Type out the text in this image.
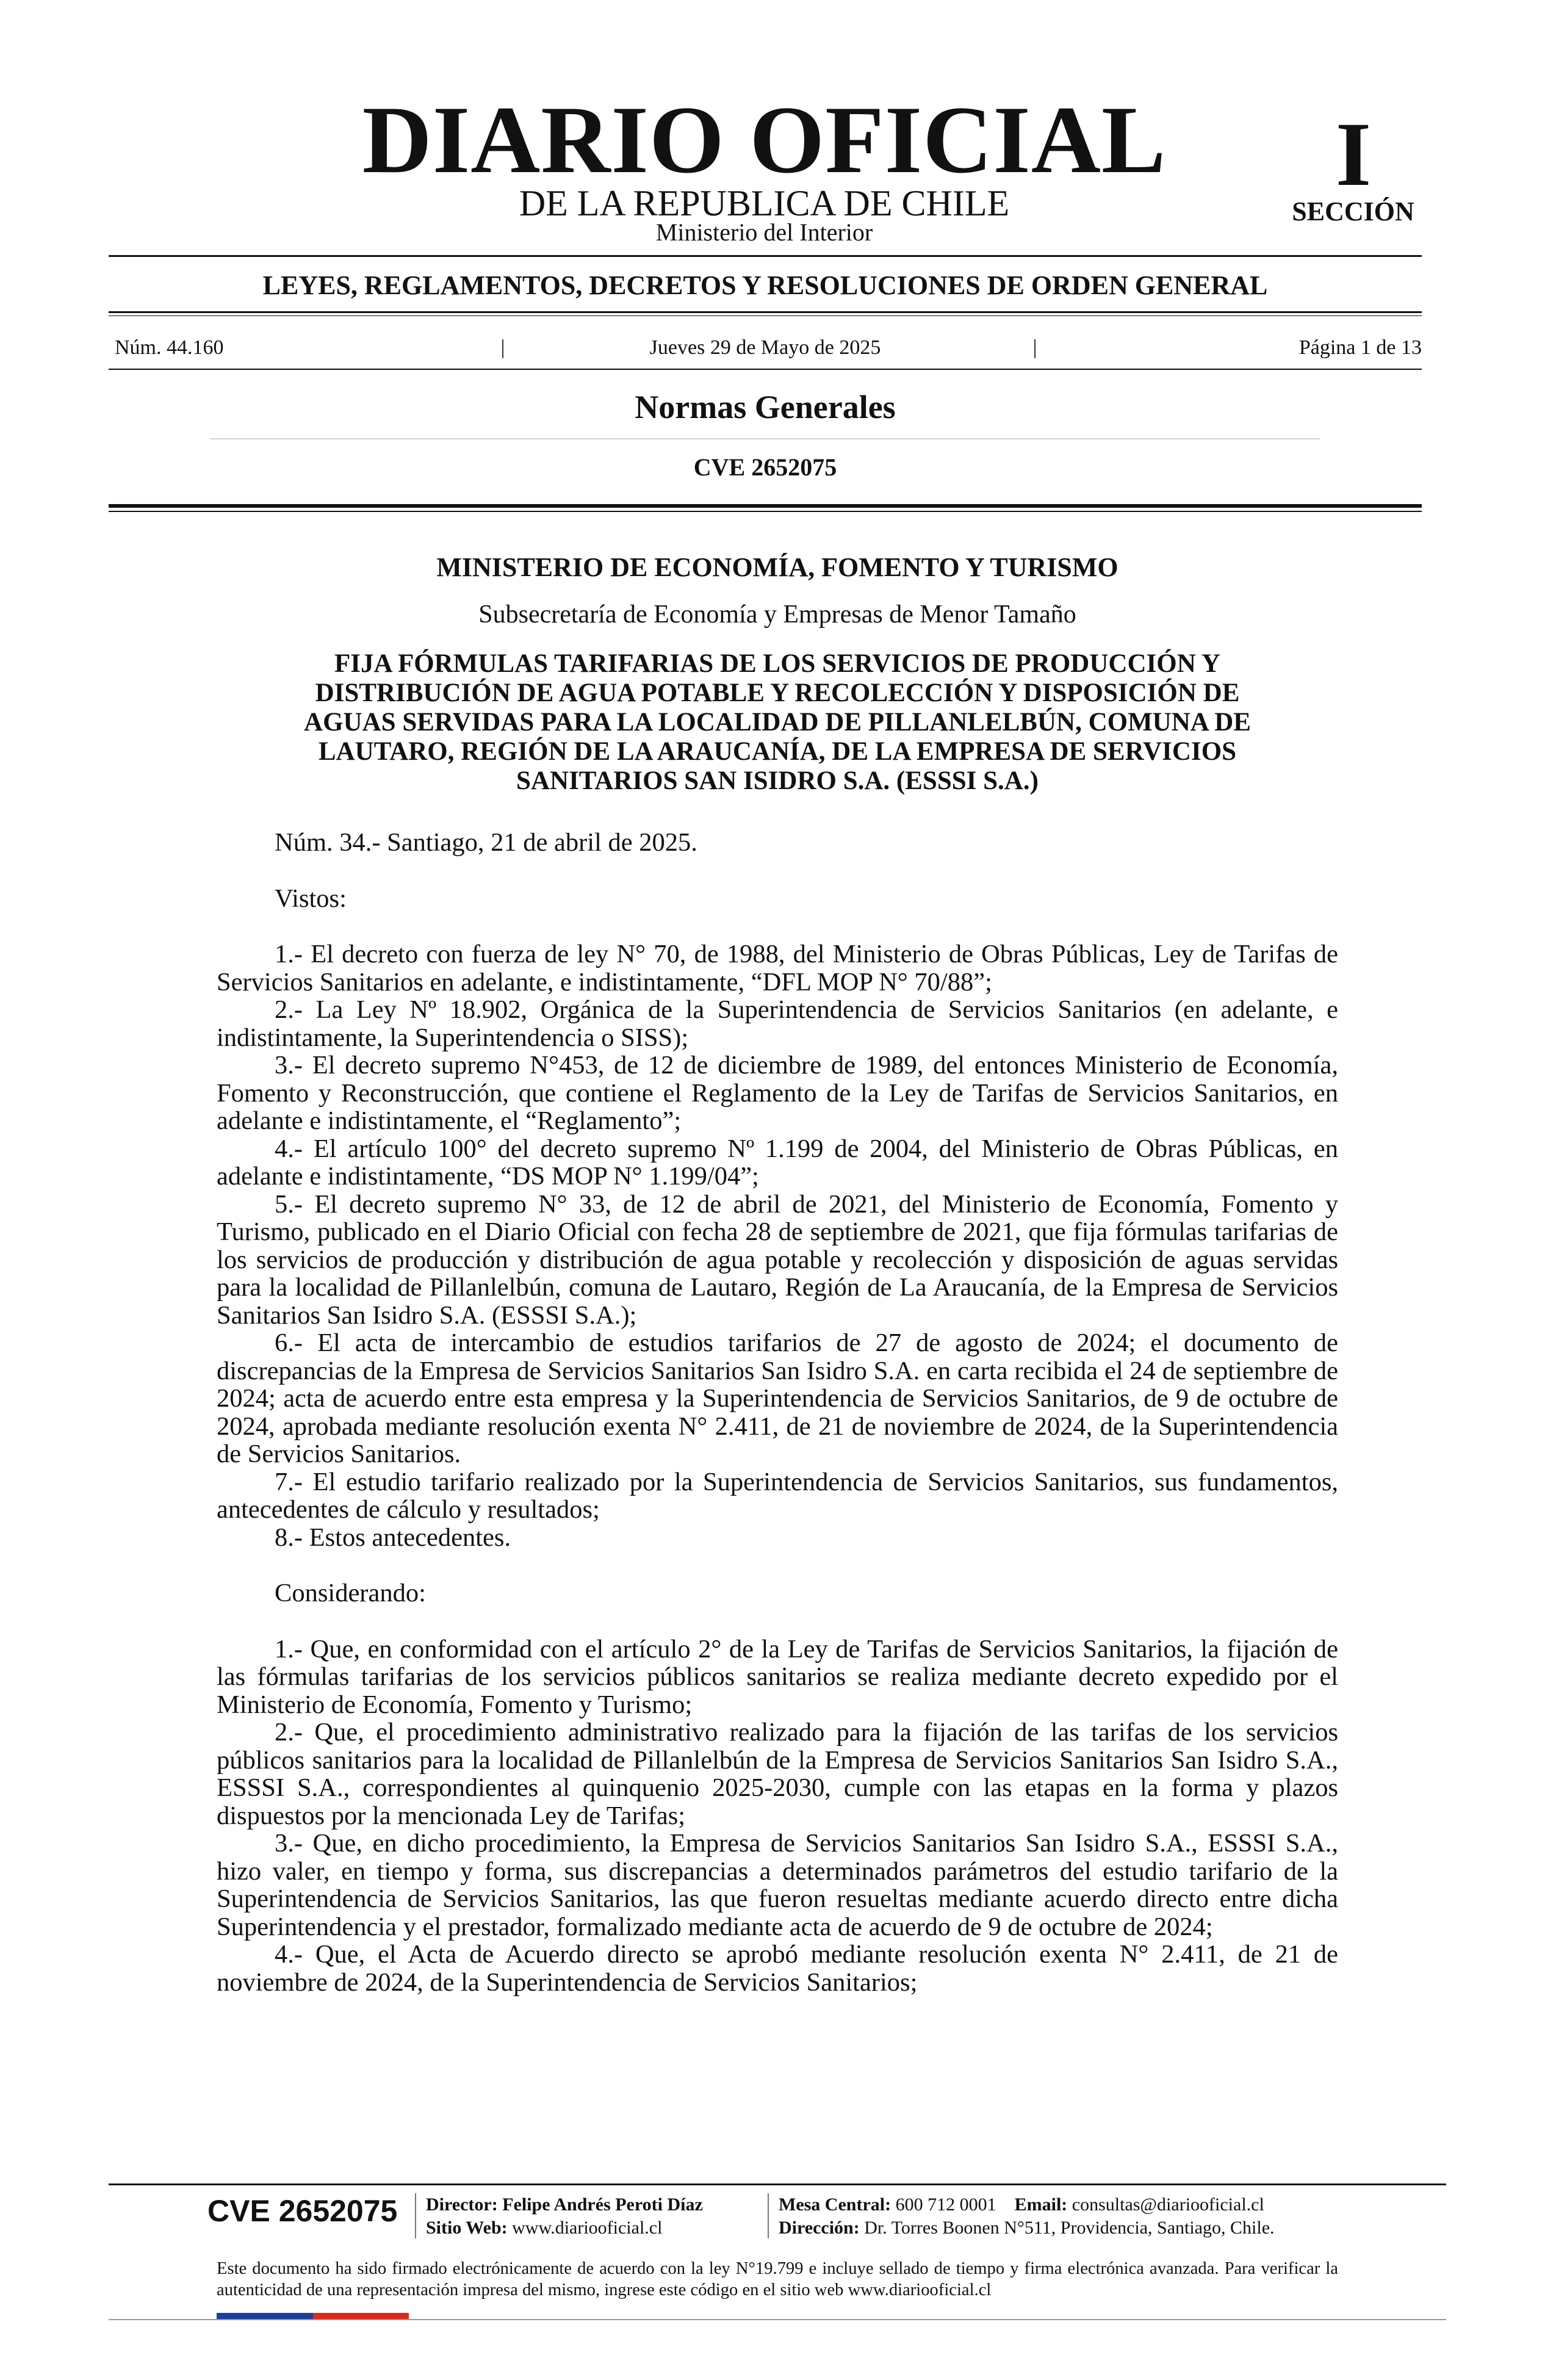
DIARIO OFICIAL
DE LA REPUBLICA DE CHILE
Ministerio del Interior
I
SECCIÓN
LEYES, REGLAMENTOS, DECRETOS Y RESOLUCIONES DE ORDEN GENERAL
Núm. 44.160	|	Jueves 29 de Mayo de 2025	|	Página 1 de 13
Normas Generales
CVE 2652075

MINISTERIO DE ECONOMÍA, FOMENTO Y TURISMO

Subsecretaría de Economía y Empresas de Menor Tamaño

FIJA FÓRMULAS TARIFARIAS DE LOS SERVICIOS DE PRODUCCIÓN Y
DISTRIBUCIÓN DE AGUA POTABLE Y RECOLECCIÓN Y DISPOSICIÓN DE
AGUAS SERVIDAS PARA LA LOCALIDAD DE PILLANLELBÚN, COMUNA DE
LAUTARO, REGIÓN DE LA ARAUCANÍA, DE LA EMPRESA DE SERVICIOS
SANITARIOS SAN ISIDRO S.A. (ESSSI S.A.)

Núm. 34.- Santiago, 21 de abril de 2025.

Vistos:

1.- El decreto con fuerza de ley N° 70, de 1988, del Ministerio de Obras Públicas, Ley de Tarifas de Servicios Sanitarios en adelante, e indistintamente, “DFL MOP N° 70/88”;

2.- La Ley Nº 18.902, Orgánica de la Superintendencia de Servicios Sanitarios (en adelante, e indistintamente, la Superintendencia o SISS);

3.- El decreto supremo N°453, de 12 de diciembre de 1989, del entonces Ministerio de Economía, Fomento y Reconstrucción, que contiene el Reglamento de la Ley de Tarifas de Servicios Sanitarios, en adelante e indistintamente, el “Reglamento”;

4.- El artículo 100° del decreto supremo Nº 1.199 de 2004, del Ministerio de Obras Públicas, en adelante e indistintamente, “DS MOP N° 1.199/04”;

5.- El decreto supremo N° 33, de 12 de abril de 2021, del Ministerio de Economía, Fomento y Turismo, publicado en el Diario Oficial con fecha 28 de septiembre de 2021, que fija fórmulas tarifarias de los servicios de producción y distribución de agua potable y recolección y disposición de aguas servidas para la localidad de Pillanlelbún, comuna de Lautaro, Región de La Araucanía, de la Empresa de Servicios Sanitarios San Isidro S.A. (ESSSI S.A.);

6.- El acta de intercambio de estudios tarifarios de 27 de agosto de 2024; el documento de discrepancias de la Empresa de Servicios Sanitarios San Isidro S.A. en carta recibida el 24 de septiembre de 2024; acta de acuerdo entre esta empresa y la Superintendencia de Servicios Sanitarios, de 9 de octubre de 2024, aprobada mediante resolución exenta N° 2.411, de 21 de noviembre de 2024, de la Superintendencia de Servicios Sanitarios.

7.- El estudio tarifario realizado por la Superintendencia de Servicios Sanitarios, sus fundamentos, antecedentes de cálculo y resultados;

8.- Estos antecedentes.

Considerando:

1.- Que, en conformidad con el artículo 2° de la Ley de Tarifas de Servicios Sanitarios, la fijación de las fórmulas tarifarias de los servicios públicos sanitarios se realiza mediante decreto expedido por el Ministerio de Economía, Fomento y Turismo;

2.- Que, el procedimiento administrativo realizado para la fijación de las tarifas de los servicios públicos sanitarios para la localidad de Pillanlelbún de la Empresa de Servicios Sanitarios San Isidro S.A., ESSSI S.A., correspondientes al quinquenio 2025-2030, cumple con las etapas en la forma y plazos dispuestos por la mencionada Ley de Tarifas;

3.- Que, en dicho procedimiento, la Empresa de Servicios Sanitarios San Isidro S.A., ESSSI S.A., hizo valer, en tiempo y forma, sus discrepancias a determinados parámetros del estudio tarifario de la Superintendencia de Servicios Sanitarios, las que fueron resueltas mediante acuerdo directo entre dicha Superintendencia y el prestador, formalizado mediante acta de acuerdo de 9 de octubre de 2024;

4.- Que, el Acta de Acuerdo directo se aprobó mediante resolución exenta N° 2.411, de 21 de noviembre de 2024, de la Superintendencia de Servicios Sanitarios;

CVE 2652075	Director: Felipe Andrés Peroti Díaz
Sitio Web: www.diariooficial.cl
Mesa Central: 600 712 0001 Email: consultas@diariooficial.cl
Dirección: Dr. Torres Boonen N°511, Providencia, Santiago, Chile.
Este documento ha sido firmado electrónicamente de acuerdo con la ley N°19.799 e incluye sellado de tiempo y firma electrónica avanzada. Para verificar la autenticidad de una representación impresa del mismo, ingrese este código en el sitio web www.diariooficial.cl
